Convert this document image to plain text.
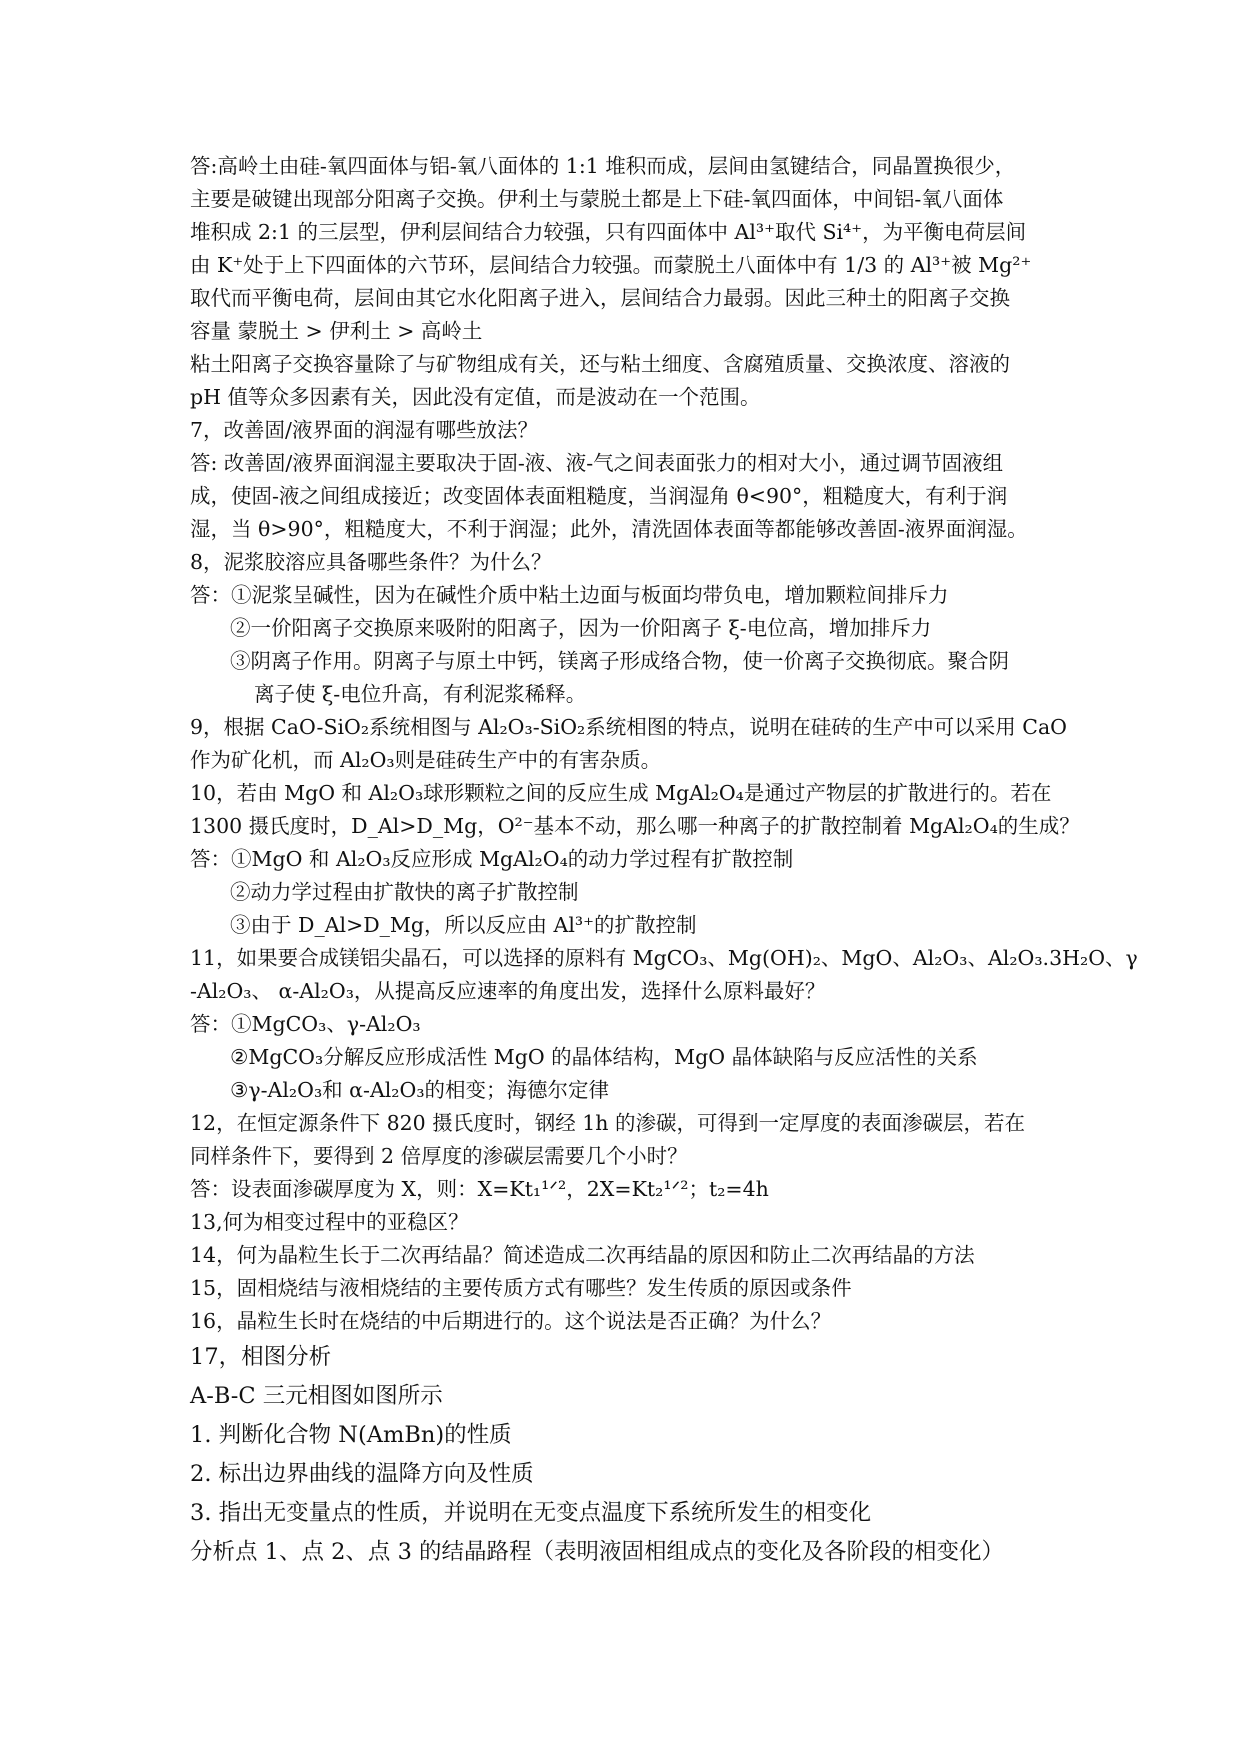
答:高岭土由硅-氧四面体与铝-氧八面体的 1:1 堆积而成，层间由氢键结合，同晶置换很少，
主要是破键出现部分阳离子交换。伊利土与蒙脱土都是上下硅-氧四面体，中间铝-氧八面体
堆积成 2:1 的三层型，伊利层间结合力较强，只有四面体中 Al³⁺取代 Si⁴⁺，为平衡电荷层间
由 K⁺处于上下四面体的六节环，层间结合力较强。而蒙脱土八面体中有 1/3 的 Al³⁺被 Mg²⁺
取代而平衡电荷，层间由其它水化阳离子进入，层间结合力最弱。因此三种土的阳离子交换
容量 蒙脱土 > 伊利土 > 高岭土
粘土阳离子交换容量除了与矿物组成有关，还与粘土细度、含腐殖质量、交换浓度、溶液的
pH 值等众多因素有关，因此没有定值，而是波动在一个范围。
7，改善固/液界面的润湿有哪些放法？
答: 改善固/液界面润湿主要取决于固-液、液-气之间表面张力的相对大小，通过调节固液组
成，使固-液之间组成接近；改变固体表面粗糙度，当润湿角 θ<90°，粗糙度大，有利于润
湿，当 θ>90°，粗糙度大，不利于润湿；此外，清洗固体表面等都能够改善固-液界面润湿。
8，泥浆胶溶应具备哪些条件？为什么？
答：①泥浆呈碱性，因为在碱性介质中粘土边面与板面均带负电，增加颗粒间排斥力
②一价阳离子交换原来吸附的阳离子，因为一价阳离子 ξ-电位高，增加排斥力
③阴离子作用。阴离子与原土中钙，镁离子形成络合物，使一价离子交换彻底。聚合阴
离子使 ξ-电位升高，有利泥浆稀释。
9，根据 CaO-SiO₂系统相图与 Al₂O₃-SiO₂系统相图的特点，说明在硅砖的生产中可以采用 CaO
作为矿化机，而 Al₂O₃则是硅砖生产中的有害杂质。
10，若由 MgO 和 Al₂O₃球形颗粒之间的反应生成 MgAl₂O₄是通过产物层的扩散进行的。若在
1300 摄氏度时，D_Al>D_Mg，O²⁻基本不动，那么哪一种离子的扩散控制着 MgAl₂O₄的生成？
答：①MgO 和 Al₂O₃反应形成 MgAl₂O₄的动力学过程有扩散控制
②动力学过程由扩散快的离子扩散控制
③由于 D_Al>D_Mg，所以反应由 Al³⁺的扩散控制
11，如果要合成镁铝尖晶石，可以选择的原料有 MgCO₃、Mg(OH)₂、MgO、Al₂O₃、Al₂O₃.3H₂O、γ
-Al₂O₃、 α-Al₂O₃，从提高反应速率的角度出发，选择什么原料最好？
答：①MgCO₃、γ-Al₂O₃
②MgCO₃分解反应形成活性 MgO 的晶体结构，MgO 晶体缺陷与反应活性的关系
③γ-Al₂O₃和 α-Al₂O₃的相变；海德尔定律
12，在恒定源条件下 820 摄氏度时，钢经 1h 的渗碳，可得到一定厚度的表面渗碳层，若在
同样条件下，要得到 2 倍厚度的渗碳层需要几个小时？
答：设表面渗碳厚度为 X，则：X=Kt₁¹ᐟ²，2X=Kt₂¹ᐟ²；t₂=4h
13,何为相变过程中的亚稳区？
14，何为晶粒生长于二次再结晶？简述造成二次再结晶的原因和防止二次再结晶的方法
15，固相烧结与液相烧结的主要传质方式有哪些？发生传质的原因或条件
16，晶粒生长时在烧结的中后期进行的。这个说法是否正确？为什么？
17，相图分析
A-B-C 三元相图如图所示
1. 判断化合物 N(AmBn)的性质
2. 标出边界曲线的温降方向及性质
3. 指出无变量点的性质，并说明在无变点温度下系统所发生的相变化
分析点 1、点 2、点 3 的结晶路程（表明液固相组成点的变化及各阶段的相变化）
